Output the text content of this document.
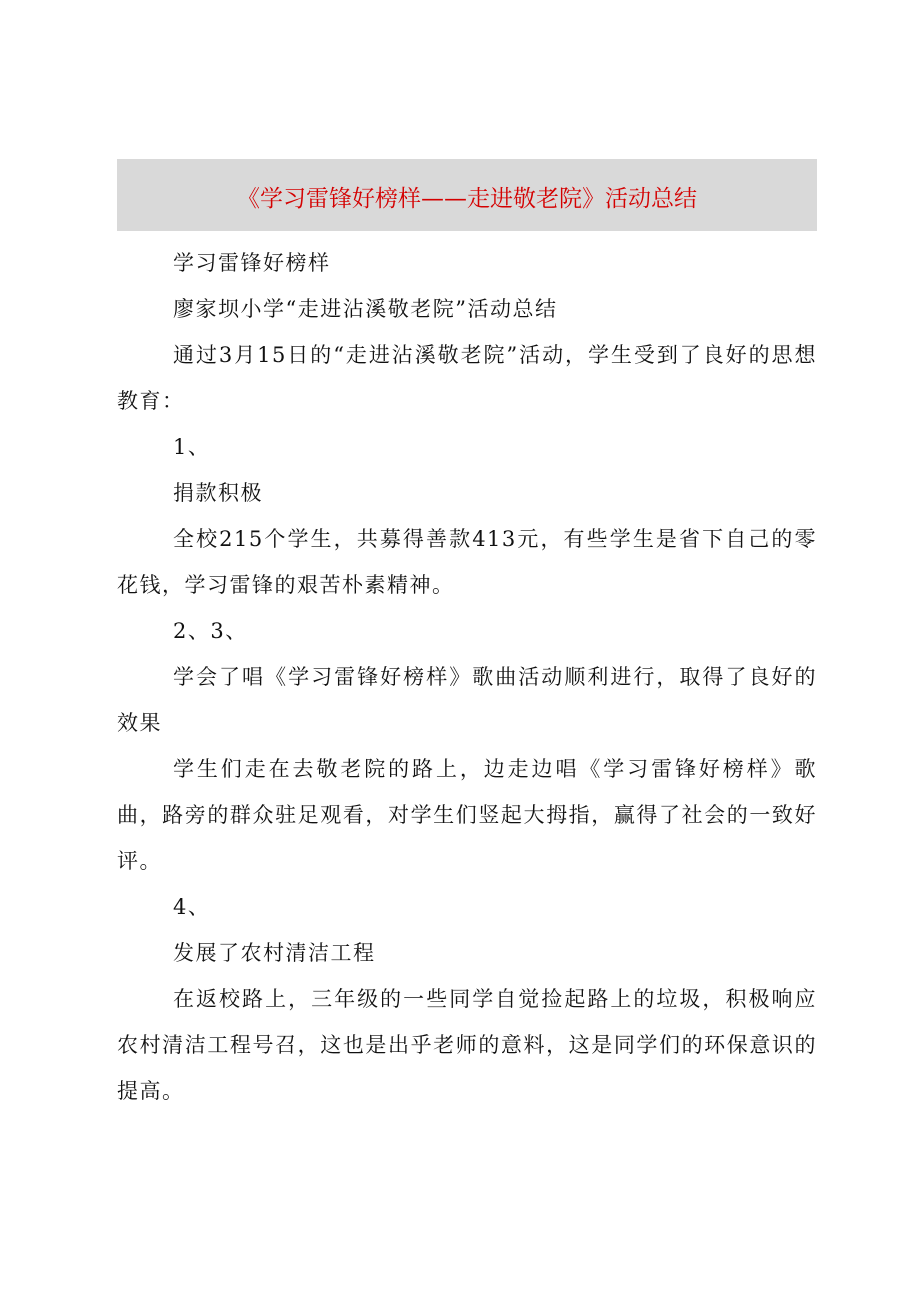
《学习雷锋好榜样——走进敬老院》活动总结

学习雷锋好榜样

廖家坝小学“走进沾溪敬老院”活动总结

通过3月15日的“走进沾溪敬老院”活动，学生受到了良好的思想教育：

1、

捐款积极

全校215个学生，共募得善款413元，有些学生是省下自己的零花钱，学习雷锋的艰苦朴素精神。

2、3、

学会了唱《学习雷锋好榜样》歌曲活动顺利进行，取得了良好的效果

学生们走在去敬老院的路上，边走边唱《学习雷锋好榜样》歌曲，路旁的群众驻足观看，对学生们竖起大拇指，赢得了社会的一致好评。

4、

发展了农村清洁工程

在返校路上，三年级的一些同学自觉捡起路上的垃圾，积极响应农村清洁工程号召，这也是出乎老师的意料，这是同学们的环保意识的提高。
